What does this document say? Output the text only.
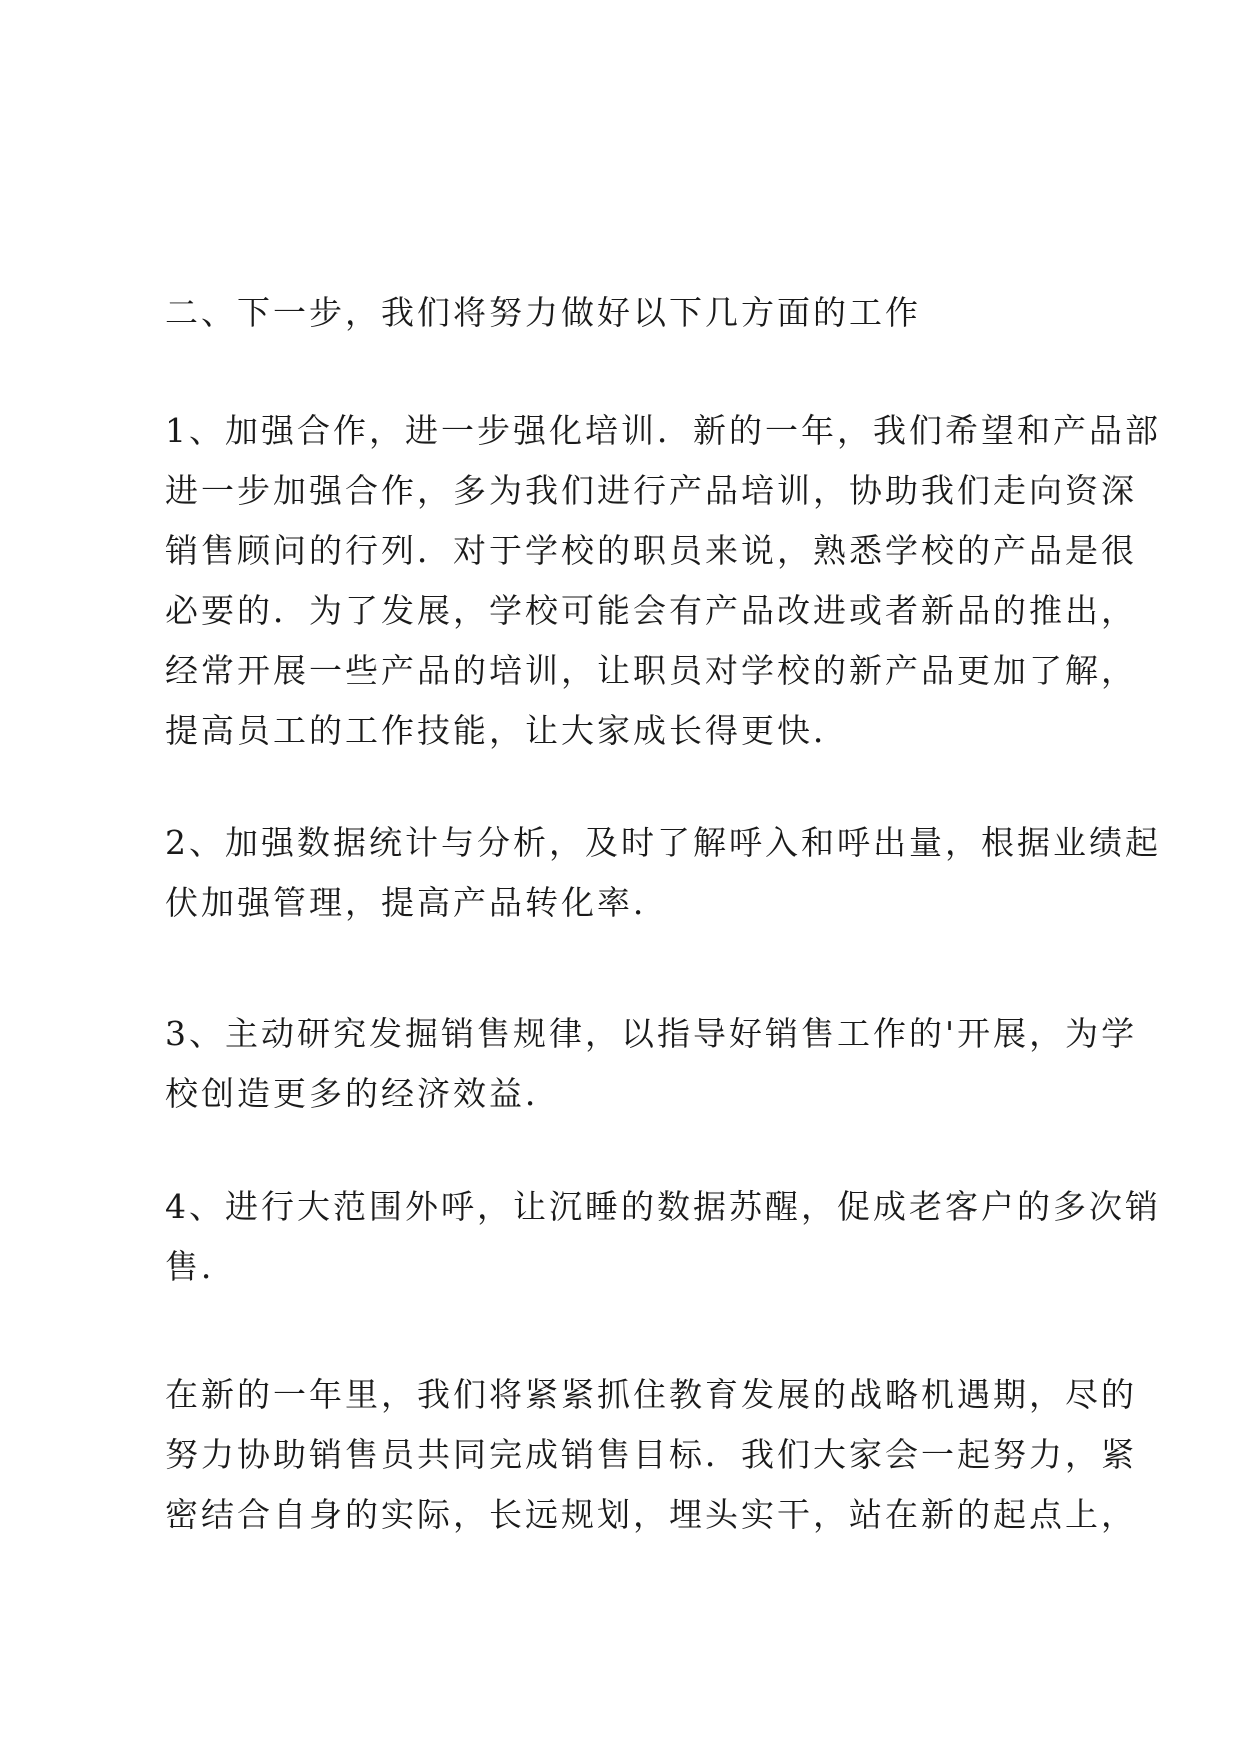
二、下一步，我们将努力做好以下几方面的工作

1、加强合作，进一步强化培训．新的一年，我们希望和产品部
进一步加强合作，多为我们进行产品培训，协助我们走向资深
销售顾问的行列．对于学校的职员来说，熟悉学校的产品是很
必要的．为了发展，学校可能会有产品改进或者新品的推出，
经常开展一些产品的培训，让职员对学校的新产品更加了解，
提高员工的工作技能，让大家成长得更快．

2、加强数据统计与分析，及时了解呼入和呼出量，根据业绩起
伏加强管理，提高产品转化率．

3、主动研究发掘销售规律，以指导好销售工作的'开展，为学
校创造更多的经济效益．

4、进行大范围外呼，让沉睡的数据苏醒，促成老客户的多次销
售．

在新的一年里，我们将紧紧抓住教育发展的战略机遇期，尽的
努力协助销售员共同完成销售目标．我们大家会一起努力，紧
密结合自身的实际，长远规划，埋头实干，站在新的起点上，
